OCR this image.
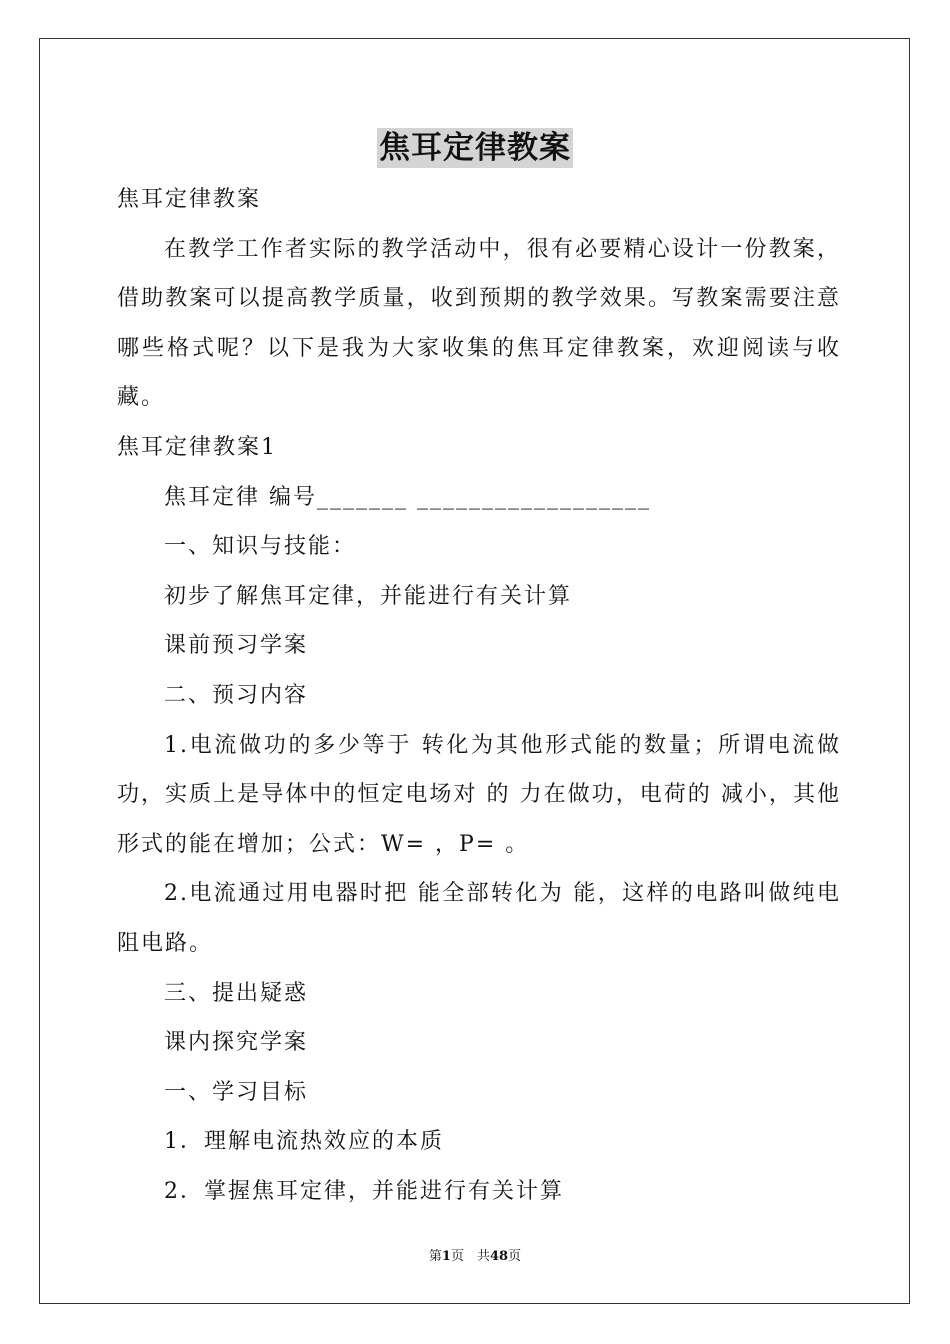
焦耳定律教案
焦耳定律教案
在教学工作者实际的教学活动中，很有必要精心设计一份教案，借助教案可以提高教学质量，收到预期的教学效果。写教案需要注意哪些格式呢？以下是我为大家收集的焦耳定律教案，欢迎阅读与收藏。
焦耳定律教案1
焦耳定律 编号_______ __________________
一、知识与技能：
初步了解焦耳定律，并能进行有关计算
课前预习学案
二、预习内容
1.电流做功的多少等于 转化为其他形式能的数量；所谓电流做功，实质上是导体中的恒定电场对 的 力在做功，电荷的 减小，其他形式的能在增加；公式：W= ，P= 。
2.电流通过用电器时把 能全部转化为 能，这样的电路叫做纯电阻电路。
三、提出疑惑
课内探究学案
一、学习目标
1．理解电流热效应的本质
2．掌握焦耳定律，并能进行有关计算
第1页　共48页
